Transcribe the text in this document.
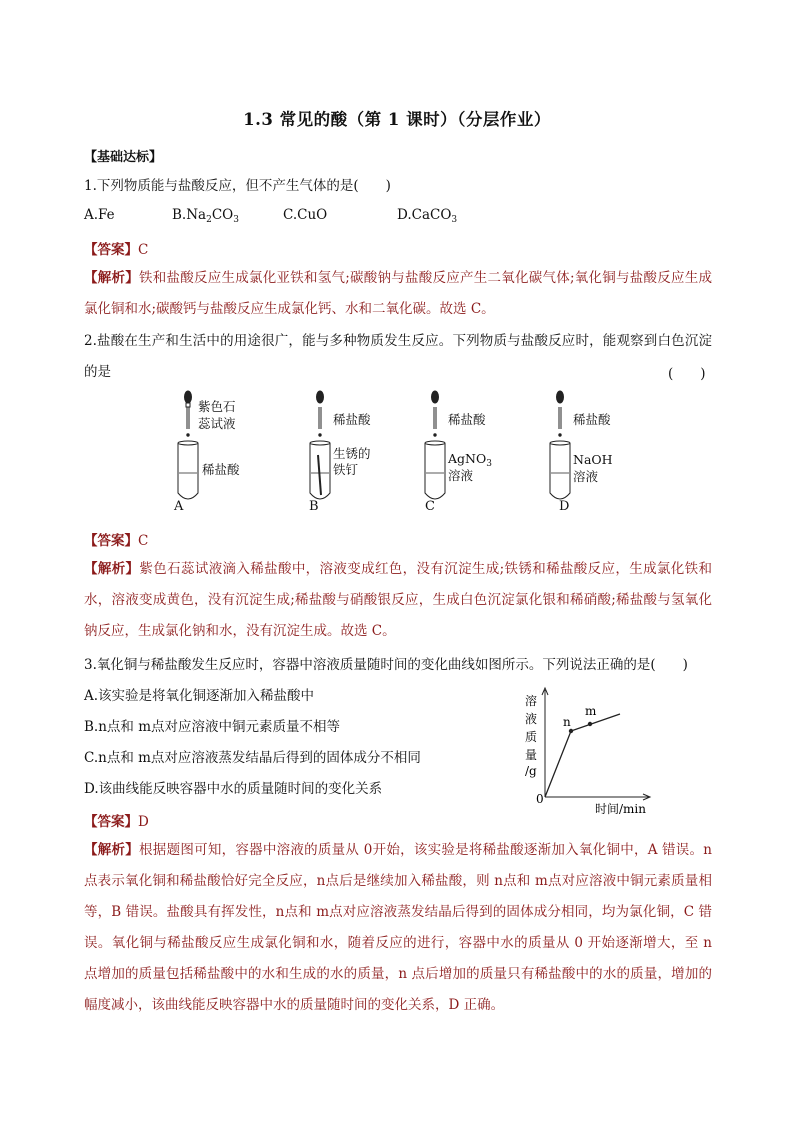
1.3 常见的酸（第 1 课时）（分层作业）
【基础达标】
1.下列物质能与盐酸反应，但不产生气体的是(　　)
A.Fe	$B.Na_2CO_3$	C.CuO	D.CaCO$_3$
【答案】C
【解析】铁和盐酸反应生成氯化亚铁和氢气;碳酸钠与盐酸反应产生二氧化碳气体;氧化铜与盐酸反应生成氯化铜和水;碳酸钙与盐酸反应生成氯化钙、水和二氧化碳。故选 C。
2.盐酸在生产和生活中的用途很广，能与多种物质发生反应。下列物质与盐酸反应时，能观察到白色沉淀的是	(　　)
紫色石
蕊试液
稀盐酸
A
稀盐酸
生锈的
铁钉
B
稀盐酸
AgNO$_3$
溶液
C
稀盐酸
NaOH
溶液
D
【答案】C
【解析】紫色石蕊试液滴入稀盐酸中，溶液变成红色，没有沉淀生成;铁锈和稀盐酸反应，生成氯化铁和水，溶液变成黄色，没有沉淀生成;稀盐酸与硝酸银反应，生成白色沉淀氯化银和稀硝酸;稀盐酸与氢氧化钠反应，生成氯化钠和水，没有沉淀生成。故选 C。
3.氧化铜与稀盐酸发生反应时，容器中溶液质量随时间的变化曲线如图所示。下列说法正确的是(　　)
A.该实验是将氧化铜逐渐加入稀盐酸中
B.n点和 m点对应溶液中铜元素质量不相等
C.n点和 m点对应溶液蒸发结晶后得到的固体成分不相同
D.该曲线能反映容器中水的质量随时间的变化关系
溶
液
质
量
/g
0
时间/min
n
m
【答案】D
【解析】根据题图可知，容器中溶液的质量从 0开始，该实验是将稀盐酸逐渐加入氧化铜中，A 错误。n点表示氧化铜和稀盐酸恰好完全反应，n点后是继续加入稀盐酸，则 n点和 m点对应溶液中铜元素质量相等，B 错误。盐酸具有挥发性，n点和 m点对应溶液蒸发结晶后得到的固体成分相同，均为氯化铜，C 错误。氧化铜与稀盐酸反应生成氯化铜和水，随着反应的进行，容器中水的质量从 0 开始逐渐增大，至 n 点增加的质量包括稀盐酸中的水和生成的水的质量，n 点后增加的质量只有稀盐酸中的水的质量，增加的幅度减小，该曲线能反映容器中水的质量随时间的变化关系，D 正确。
